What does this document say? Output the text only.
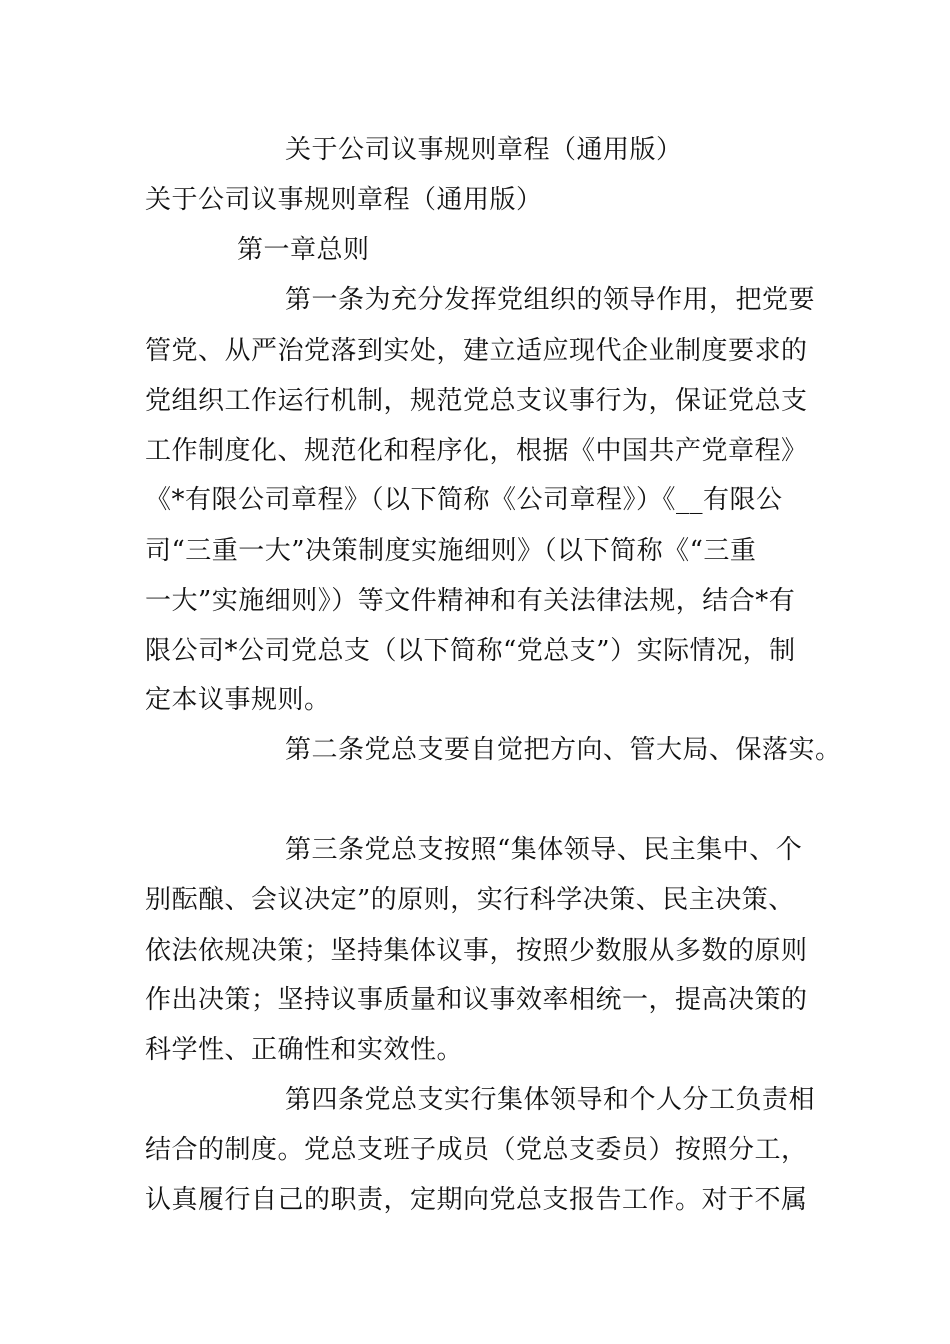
关于公司议事规则章程（通用版）
关于公司议事规则章程（通用版）
第一章总则
第一条为充分发挥党组织的领导作用，把党要
管党、从严治党落到实处，建立适应现代企业制度要求的
党组织工作运行机制，规范党总支议事行为，保证党总支
工作制度化、规范化和程序化，根据《中国共产党章程》
《*有限公司章程》（以下简称《公司章程》）《__有限公
司“三重一大”决策制度实施细则》（以下简称《“三重
一大”实施细则》）等文件精神和有关法律法规，结合*有
限公司*公司党总支（以下简称“党总支”）实际情况，制
定本议事规则。
第二条党总支要自觉把方向、管大局、保落实。
第三条党总支按照“集体领导、民主集中、个
别酝酿、会议决定”的原则，实行科学决策、民主决策、
依法依规决策；坚持集体议事，按照少数服从多数的原则
作出决策；坚持议事质量和议事效率相统一，提高决策的
科学性、正确性和实效性。
第四条党总支实行集体领导和个人分工负责相
结合的制度。党总支班子成员（党总支委员）按照分工，
认真履行自己的职责，定期向党总支报告工作。对于不属
